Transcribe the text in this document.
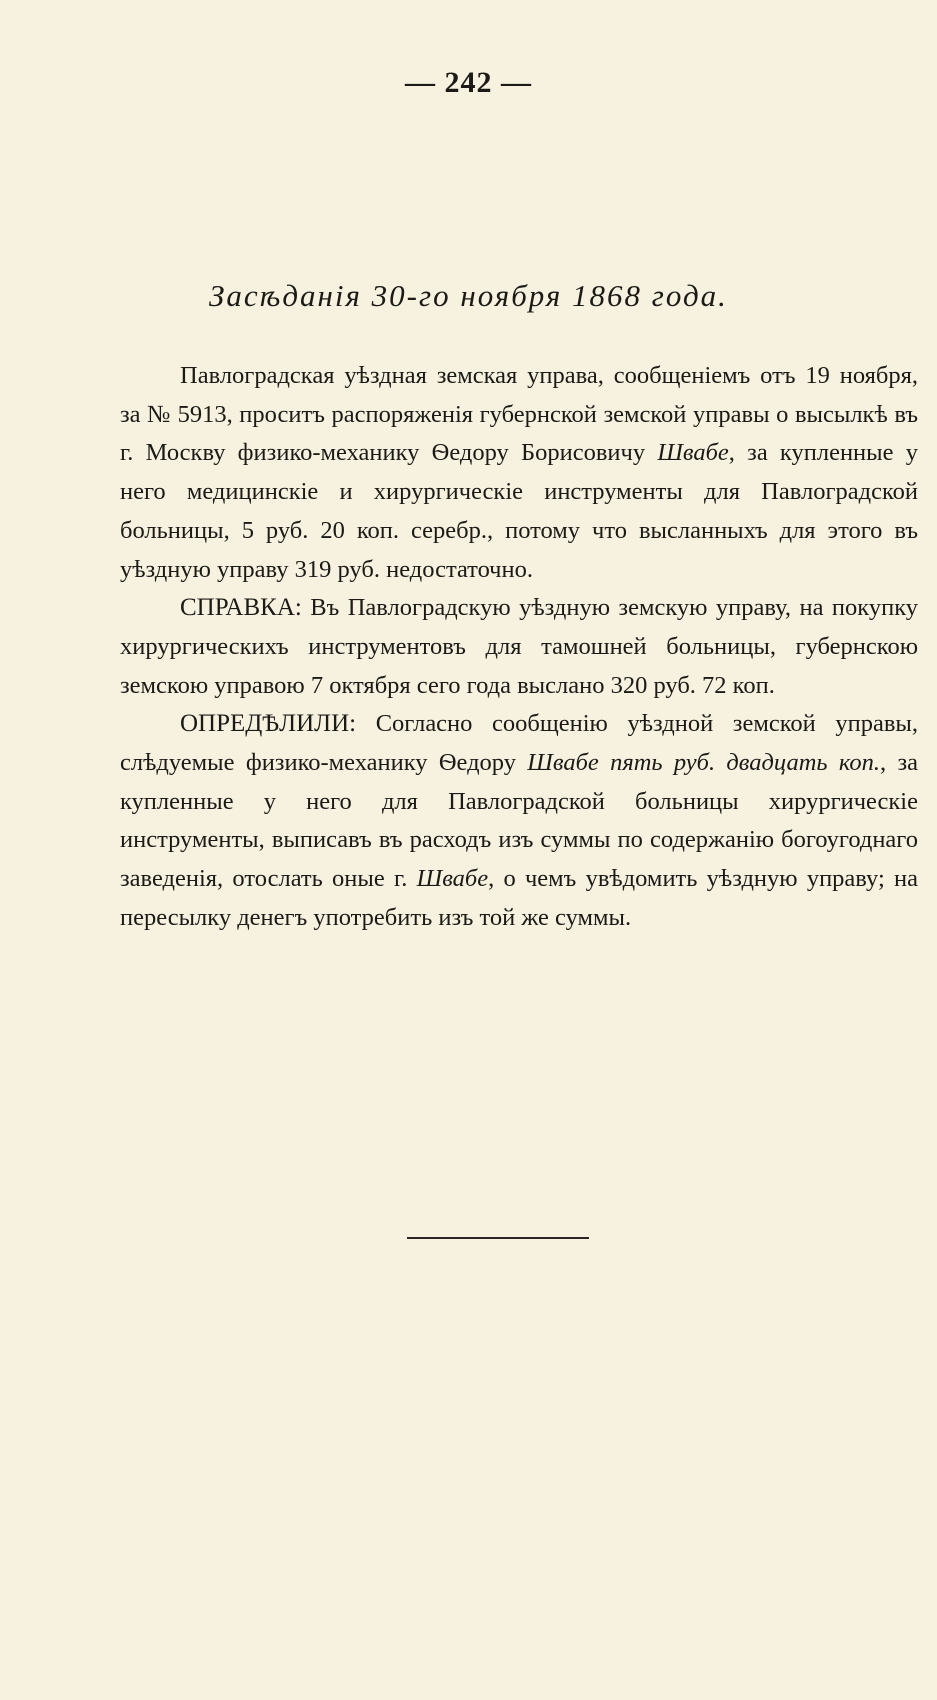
— 242 —
Засѣданія 30-го ноября 1868 года.

Павлоградская уѣздная земская управа, сообщеніемъ отъ 19 ноября, за № 5913, проситъ распоряженія губернской земской управы о высылкѣ въ г. Москву физико-механику Ѳедору Борисовичу Швабе, за купленные у него медицинскіе и хирургическіе инструменты для Павлоградской больницы, 5 руб. 20 коп. серебр., потому что высланныхъ для этого въ уѣздную управу 319 руб. недостаточно.

СПРАВКА: Въ Павлоградскую уѣздную земскую управу, на покупку хирургическихъ инструментовъ для тамошней больницы, губернскою земскою управою 7 октября сего года выслано 320 руб. 72 коп.

ОПРЕДѢЛИЛИ: Согласно сообщенію уѣздной земской управы, слѣдуемые физико-механику Ѳедору Швабе пять руб. двадцать коп., за купленные у него для Павлоградской больницы хирургическіе инструменты, выписавъ въ расходъ изъ суммы по содержанію богоугоднаго заведенія, отослать оные г. Швабе, о чемъ увѣдомить уѣздную управу; на пересылку денегъ употребить изъ той же суммы.
